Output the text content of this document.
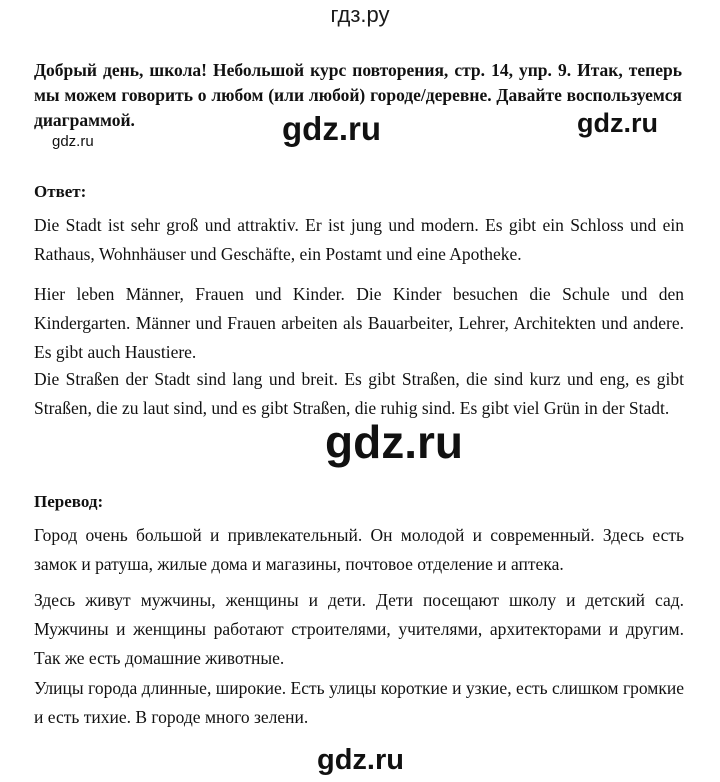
гдз.ру
Добрый день, школа! Небольшой курс повторения, стр. 14, упр. 9. Итак, теперь мы можем говорить о любом (или любой) городе/деревне. Давайте воспользуемся диаграммой.
gdz.ru	gdz.ru	gdz.ru
Ответ:
Die Stadt ist sehr groß und attraktiv. Er ist jung und modern. Es gibt ein Schloss und ein Rathaus, Wohnhäuser und Geschäfte, ein Postamt und eine Apotheke.
Hier leben Männer, Frauen und Kinder. Die Kinder besuchen die Schule und den Kindergarten. Männer und Frauen arbeiten als Bauarbeiter, Lehrer, Architekten und andere. Es gibt auch Haustiere.
Die Straßen der Stadt sind lang und breit. Es gibt Straßen, die sind kurz und eng, es gibt Straßen, die zu laut sind, und es gibt Straßen, die ruhig sind. Es gibt viel Grün in der Stadt.
gdz.ru
Перевод:
Город очень большой и привлекательный. Он молодой и современный. Здесь есть замок и ратуша, жилые дома и магазины, почтовое отделение и аптека.
Здесь живут мужчины, женщины и дети. Дети посещают школу и детский сад. Мужчины и женщины работают строителями, учителями, архитекторами и другим. Так же есть домашние животные.
Улицы города длинные, широкие. Есть улицы короткие и узкие, есть слишком громкие и есть тихие. В городе много зелени.
gdz.ru
